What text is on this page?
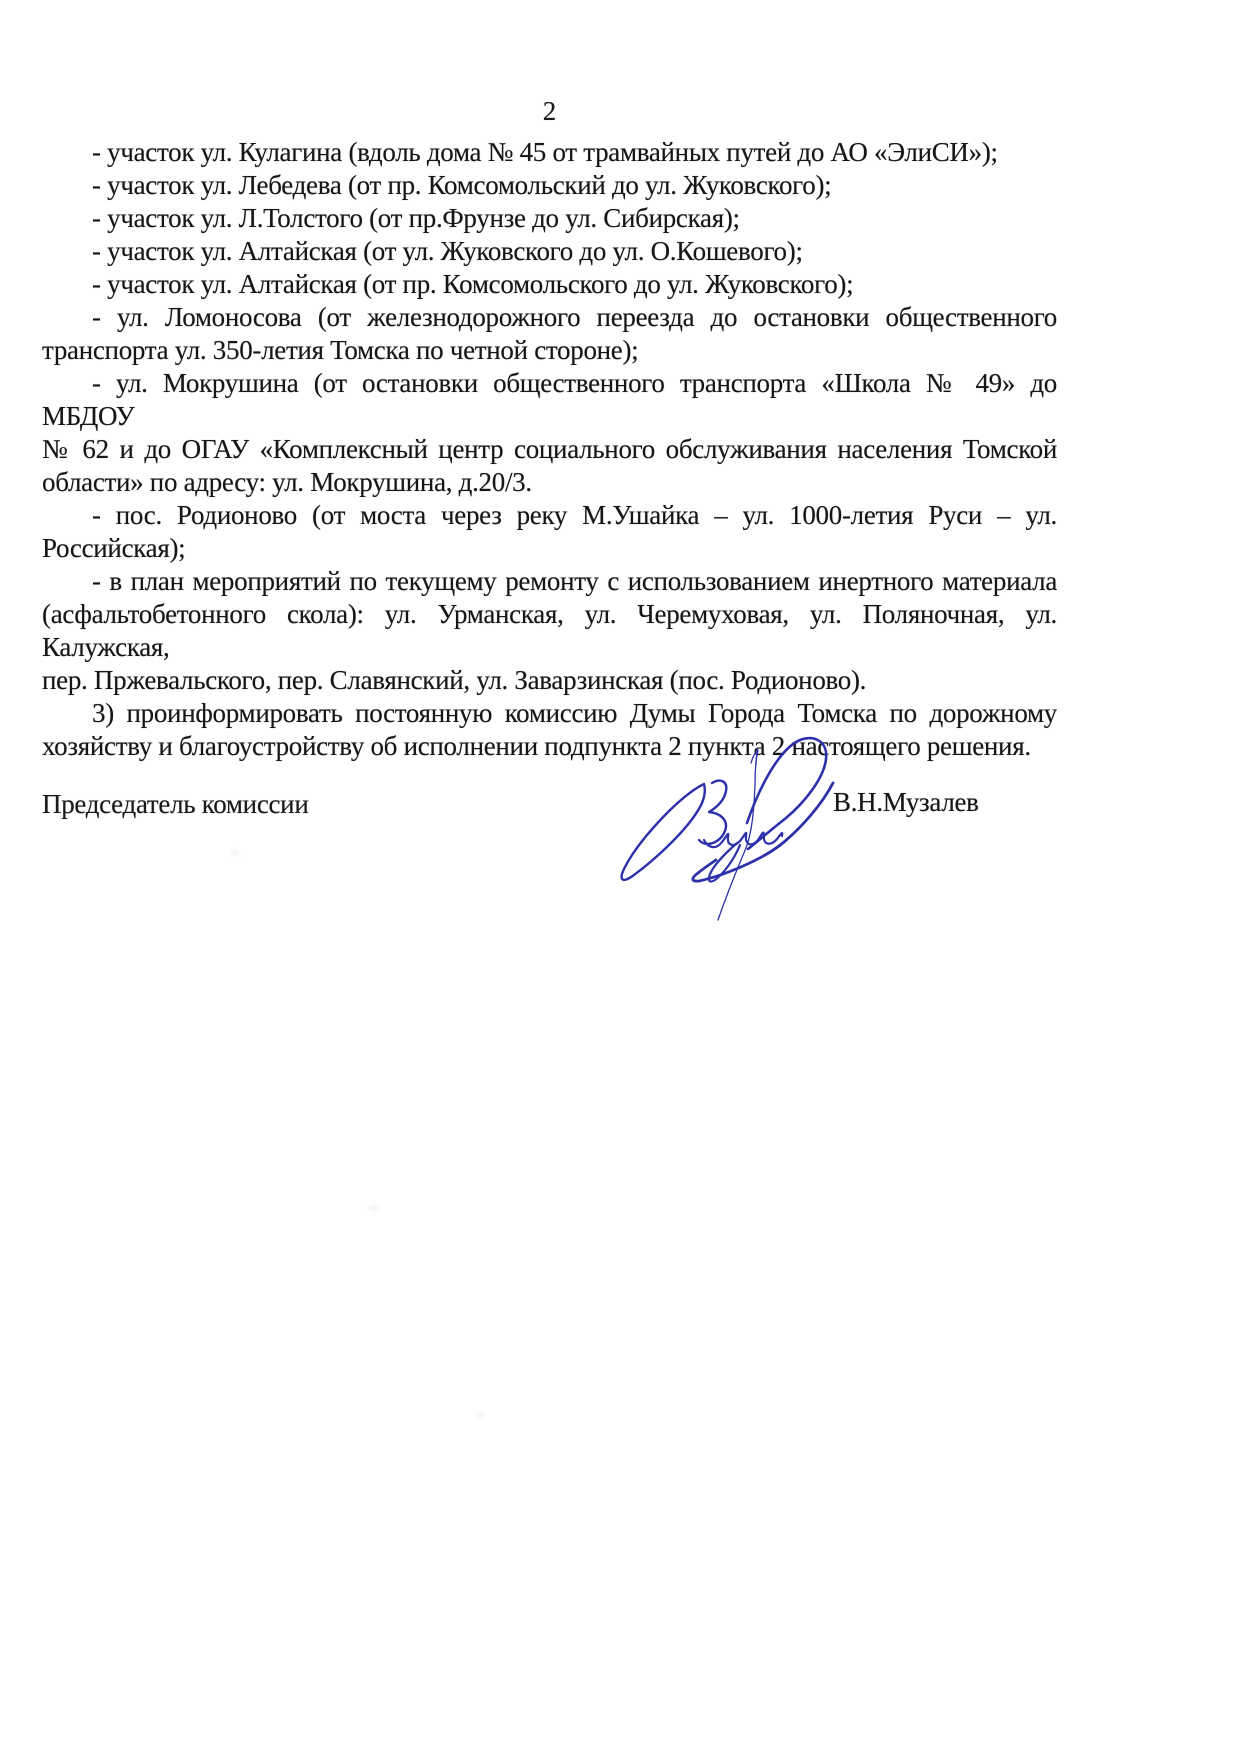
2
- участок ул. Кулагина (вдоль дома № 45 от трамвайных путей до АО «ЭлиСИ»);
- участок ул. Лебедева (от пр. Комсомольский до ул. Жуковского);
- участок ул. Л.Толстого (от пр.Фрунзе до ул. Сибирская);
- участок ул. Алтайская (от ул. Жуковского до ул. О.Кошевого);
- участок ул. Алтайская (от пр. Комсомольского до ул. Жуковского);
- ул. Ломоносова (от железнодорожного переезда до остановки общественного
транспорта ул. 350-летия Томска по четной стороне);
- ул. Мокрушина (от остановки общественного транспорта «Школа № 49» до МБДОУ
№ 62 и до ОГАУ «Комплексный центр социального обслуживания населения Томской
области» по адресу: ул. Мокрушина, д.20/3.
- пос. Родионово (от моста через реку М.Ушайка – ул. 1000-летия Руси – ул.
Российская);
- в план мероприятий по текущему ремонту с использованием инертного материала
(асфальтобетонного скола): ул. Урманская, ул. Черемуховая, ул. Поляночная, ул. Калужская,
пер. Пржевальского, пер. Славянский, ул. Заварзинская (пос. Родионово).
3) проинформировать постоянную комиссию Думы Города Томска по дорожному
хозяйству и благоустройству об исполнении подпункта 2 пункта 2 настоящего решения.
Председатель комиссии	В.Н.Музалев
